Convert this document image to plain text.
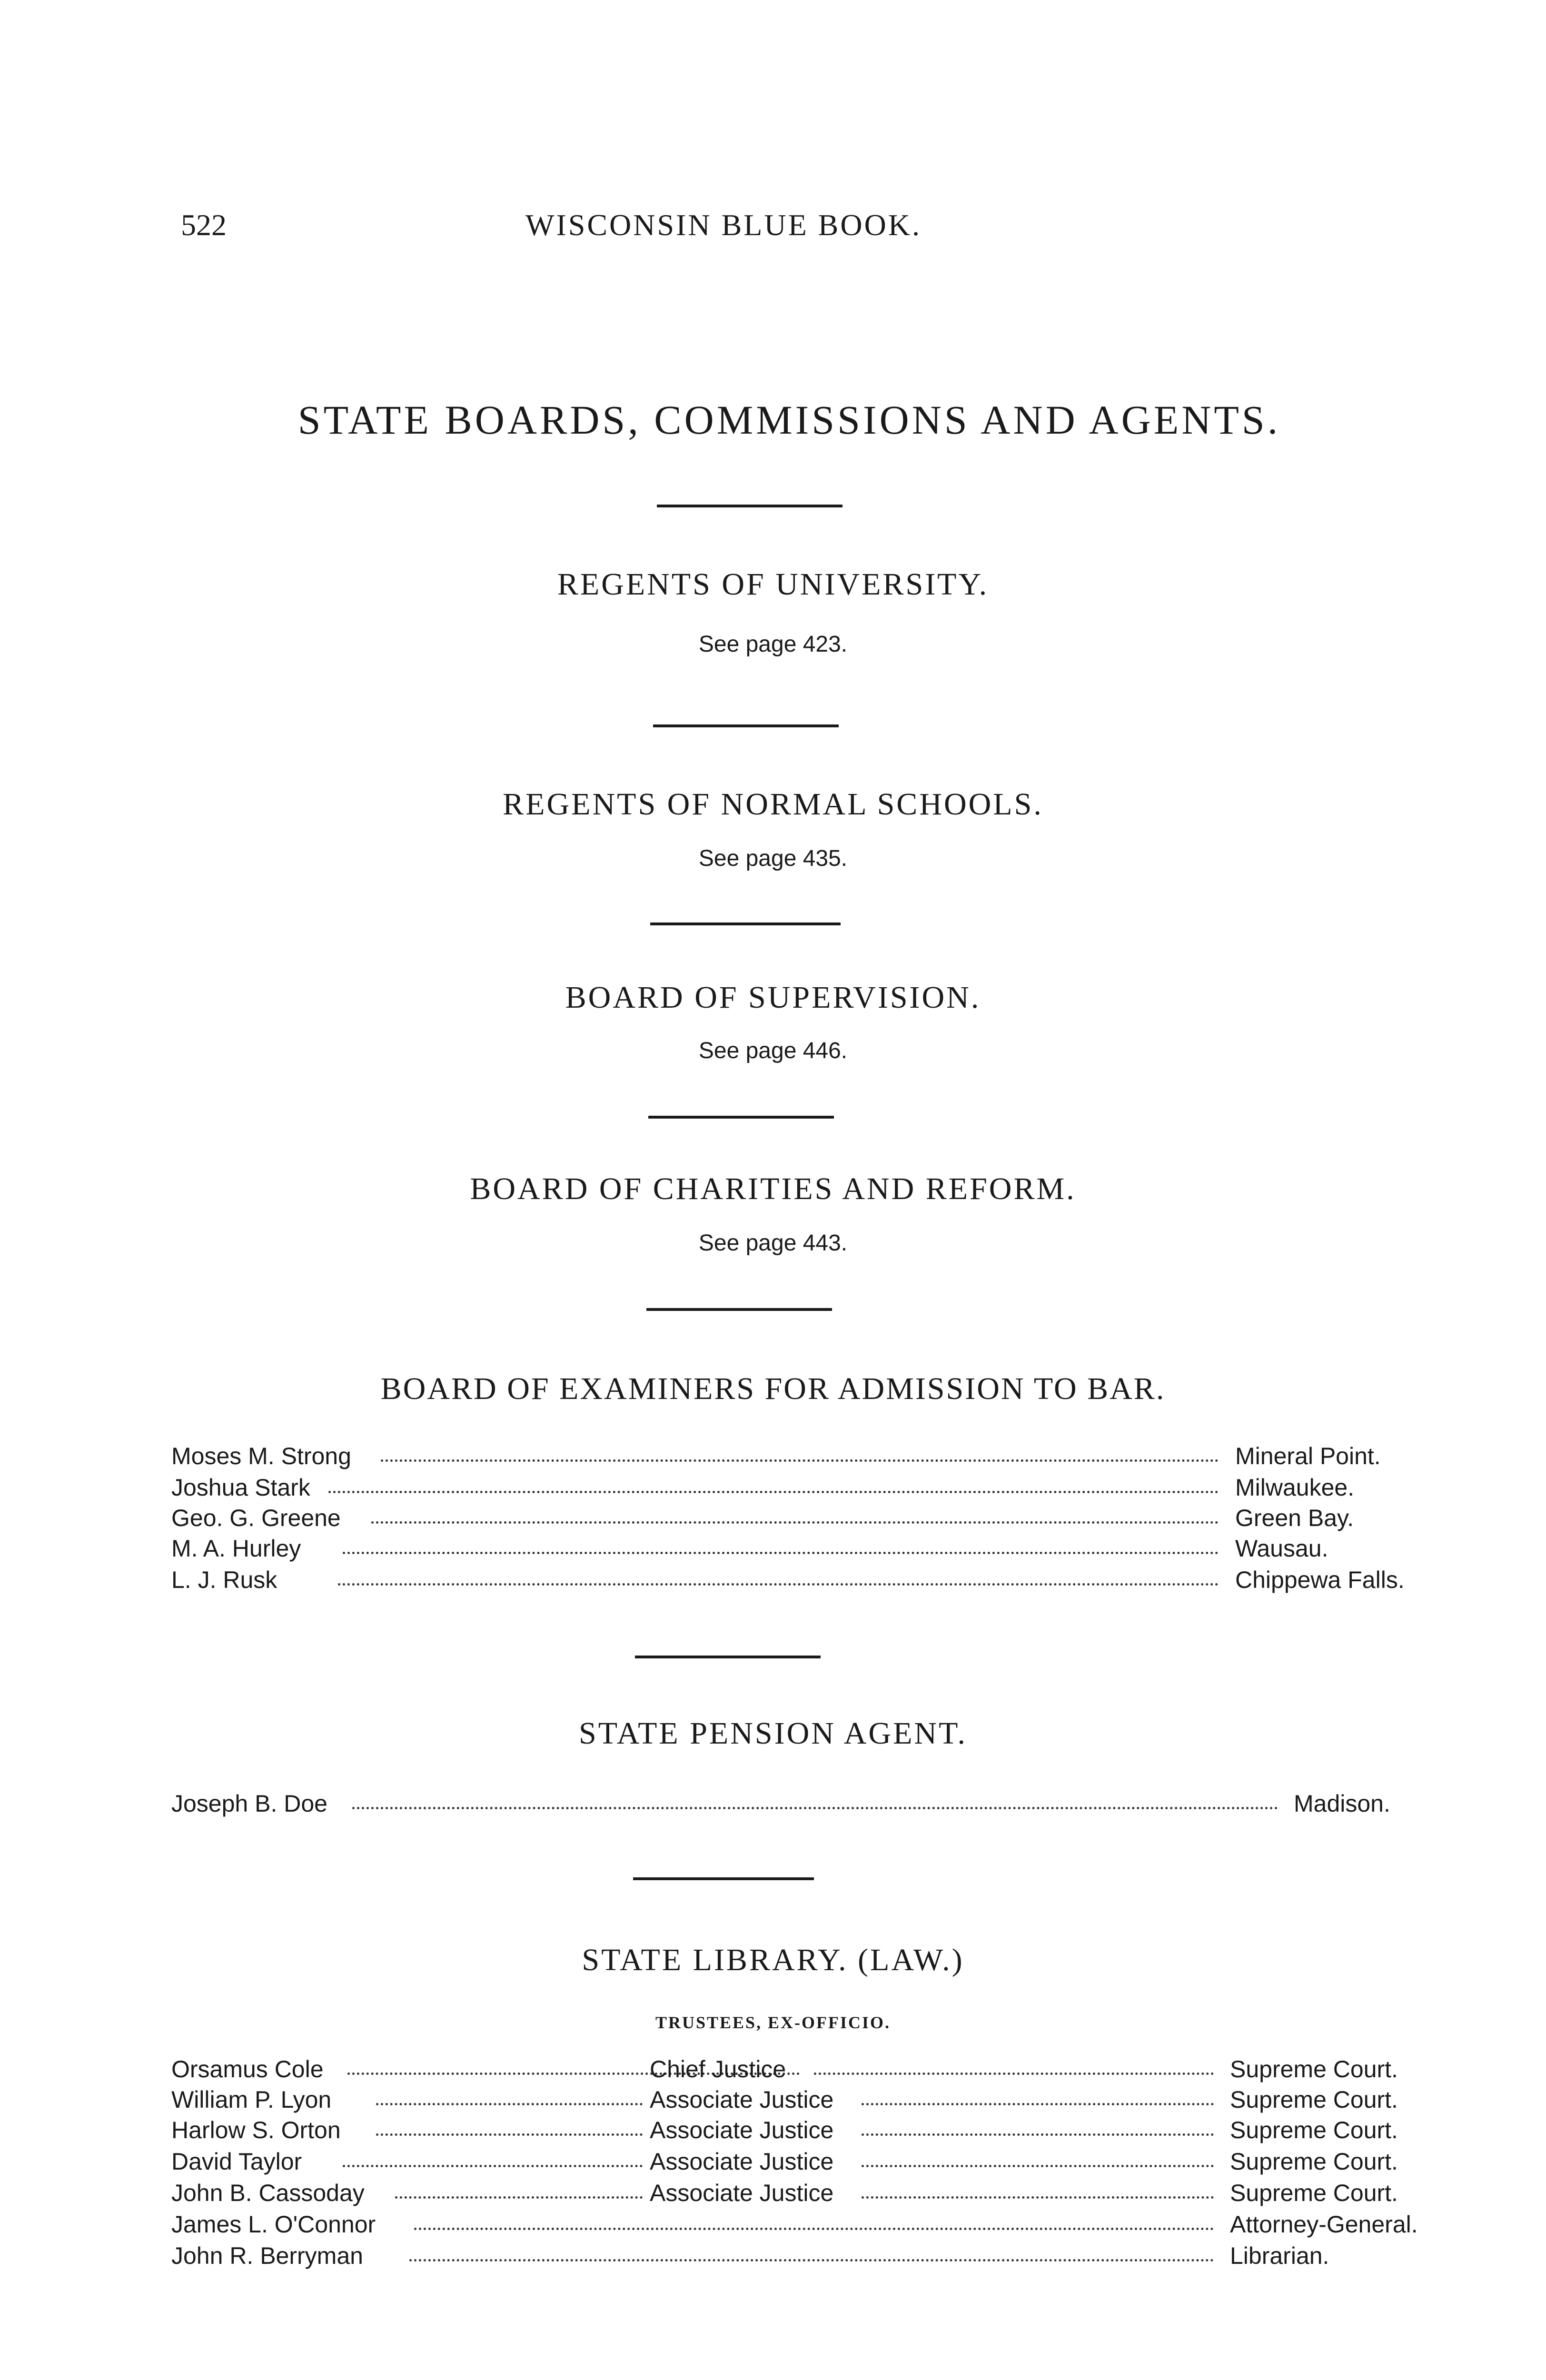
522	WISCONSIN BLUE BOOK.
STATE BOARDS, COMMISSIONS AND AGENTS.
REGENTS OF UNIVERSITY.
See page 423.
REGENTS OF NORMAL SCHOOLS.
See page 435.
BOARD OF SUPERVISION.
See page 446.
BOARD OF CHARITIES AND REFORM.
See page 443.
BOARD OF EXAMINERS FOR ADMISSION TO BAR.
Moses M. Strong	Mineral Point.
Joshua Stark	Milwaukee.
Geo. G. Greene	Green Bay.
M. A. Hurley	Wausau.
L. J. Rusk	Chippewa Falls.
STATE PENSION AGENT.
Joseph B. Doe	Madison.
STATE LIBRARY. (LAW.)
TRUSTEES, EX-OFFICIO.
Orsamus Cole	Chief Justice	Supreme Court.
William P. Lyon	Associate Justice	Supreme Court.
Harlow S. Orton	Associate Justice	Supreme Court.
David Taylor	Associate Justice	Supreme Court.
John B. Cassoday	Associate Justice	Supreme Court.
James L. O'Connor	Attorney-General.
John R. Berryman	Librarian.
